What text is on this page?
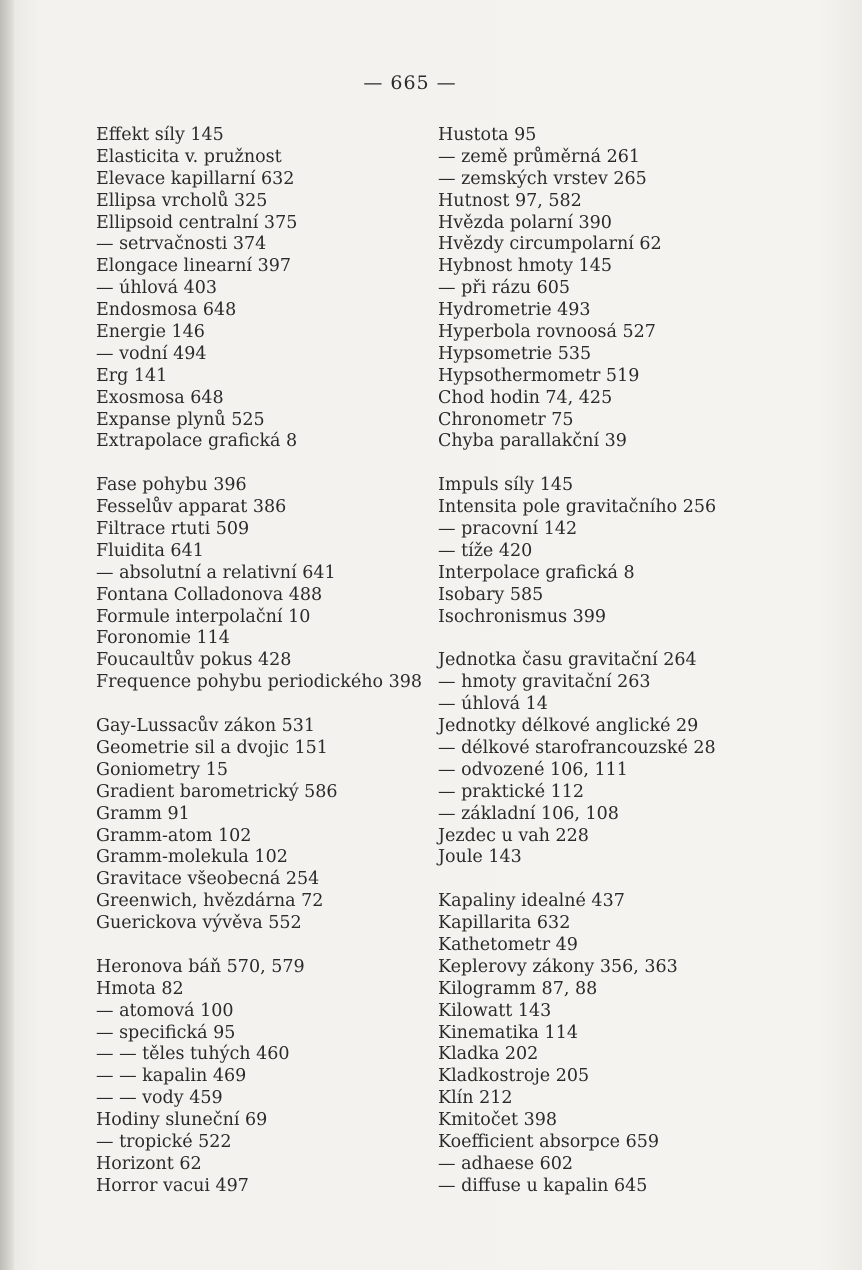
— 665 —
Effekt síly 145
Elasticita v. pružnost
Elevace kapillarní 632
Ellipsa vrcholů 325
Ellipsoid centralní 375
— setrvačnosti 374
Elongace linearní 397
— úhlová 403
Endosmosa 648
Energie 146
— vodní 494
Erg 141
Exosmosa 648
Expanse plynů 525
Extrapolace grafická 8
Fase pohybu 396
Fesselův apparat 386
Filtrace rtuti 509
Fluidita 641
— absolutní a relativní 641
Fontana Colladonova 488
Formule interpolační 10
Foronomie 114
Foucaultův pokus 428
Frequence pohybu periodického 398
Gay-Lussacův zákon 531
Geometrie sil a dvojic 151
Goniometry 15
Gradient barometrický 586
Gramm 91
Gramm-atom 102
Gramm-molekula 102
Gravitace všeobecná 254
Greenwich, hvězdárna 72
Guerickova vývěva 552
Heronova báň 570, 579
Hmota 82
— atomová 100
— specifická 95
— — těles tuhých 460
— — kapalin 469
— — vody 459
Hodiny sluneční 69
— tropické 522
Horizont 62
Horror vacui 497
Hustota 95
— země průměrná 261
— zemských vrstev 265
Hutnost 97, 582
Hvězda polarní 390
Hvězdy circumpolarní 62
Hybnost hmoty 145
— při rázu 605
Hydrometrie 493
Hyperbola rovnoosá 527
Hypsometrie 535
Hypsothermometr 519
Chod hodin 74, 425
Chronometr 75
Chyba parallakční 39
Impuls síly 145
Intensita pole gravitačního 256
— pracovní 142
— tíže 420
Interpolace grafická 8
Isobary 585
Isochronismus 399
Jednotka času gravitační 264
— hmoty gravitační 263
— úhlová 14
Jednotky délkové anglické 29
— délkové starofrancouzské 28
— odvozené 106, 111
— praktické 112
— základní 106, 108
Jezdec u vah 228
Joule 143
Kapaliny idealné 437
Kapillarita 632
Kathetometr 49
Keplerovy zákony 356, 363
Kilogramm 87, 88
Kilowatt 143
Kinematika 114
Kladka 202
Kladkostroje 205
Klín 212
Kmitočet 398
Koefficient absorpce 659
— adhaese 602
— diffuse u kapalin 645
